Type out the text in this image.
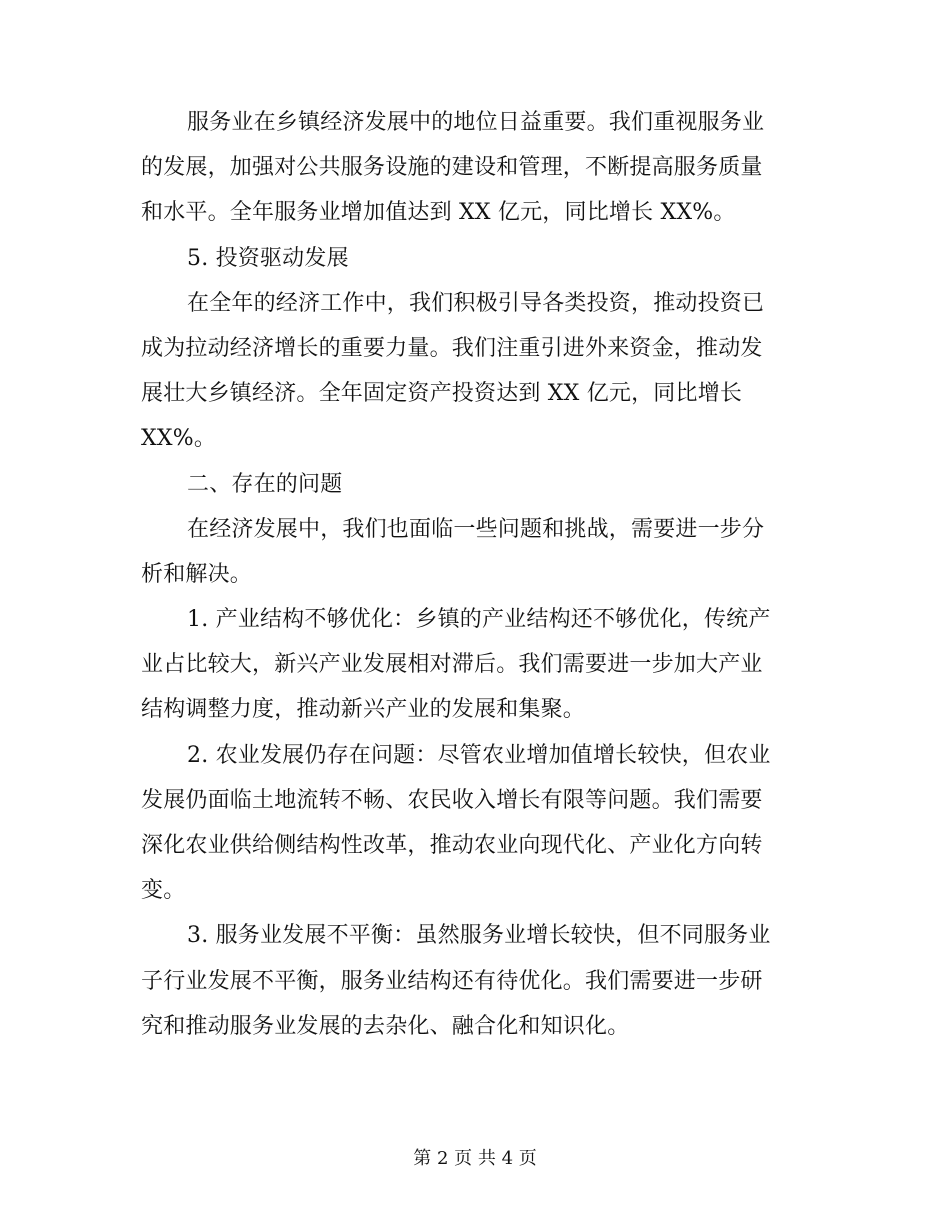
服务业在乡镇经济发展中的地位日益重要。我们重视服务业
的发展，加强对公共服务设施的建设和管理，不断提高服务质量
和水平。全年服务业增加值达到 XX 亿元，同比增长 XX%。
5. 投资驱动发展
在全年的经济工作中，我们积极引导各类投资，推动投资已
成为拉动经济增长的重要力量。我们注重引进外来资金，推动发
展壮大乡镇经济。全年固定资产投资达到 XX 亿元，同比增长
XX%。
二、存在的问题
在经济发展中，我们也面临一些问题和挑战，需要进一步分
析和解决。
1. 产业结构不够优化：乡镇的产业结构还不够优化，传统产
业占比较大，新兴产业发展相对滞后。我们需要进一步加大产业
结构调整力度，推动新兴产业的发展和集聚。
2. 农业发展仍存在问题：尽管农业增加值增长较快，但农业
发展仍面临土地流转不畅、农民收入增长有限等问题。我们需要
深化农业供给侧结构性改革，推动农业向现代化、产业化方向转
变。
3. 服务业发展不平衡：虽然服务业增长较快，但不同服务业
子行业发展不平衡，服务业结构还有待优化。我们需要进一步研
究和推动服务业发展的去杂化、融合化和知识化。
第 2 页 共 4 页
